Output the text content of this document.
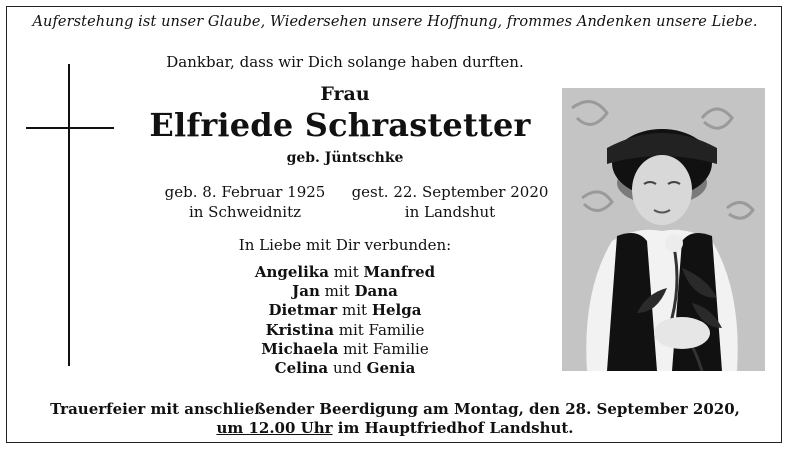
Auferstehung ist unser Glaube, Wiedersehen unsere Hoffnung, frommes Andenken unsere Liebe.
Dankbar, dass wir Dich solange haben durften.
Frau
Elfriede Schrastetter
geb. Jüntschke
geb. 8. Februar 1925
in Schweidnitz
gest. 22. September 2020
in Landshut
In Liebe mit Dir verbunden:
Angelika mit Manfred
Jan mit Dana
Dietmar mit Helga
Kristina mit Familie
Michaela mit Familie
Celina und Genia
Trauerfeier mit anschließender Beerdigung am Montag, den 28. September 2020,
um 12.00 Uhr im Hauptfriedhof Landshut.
